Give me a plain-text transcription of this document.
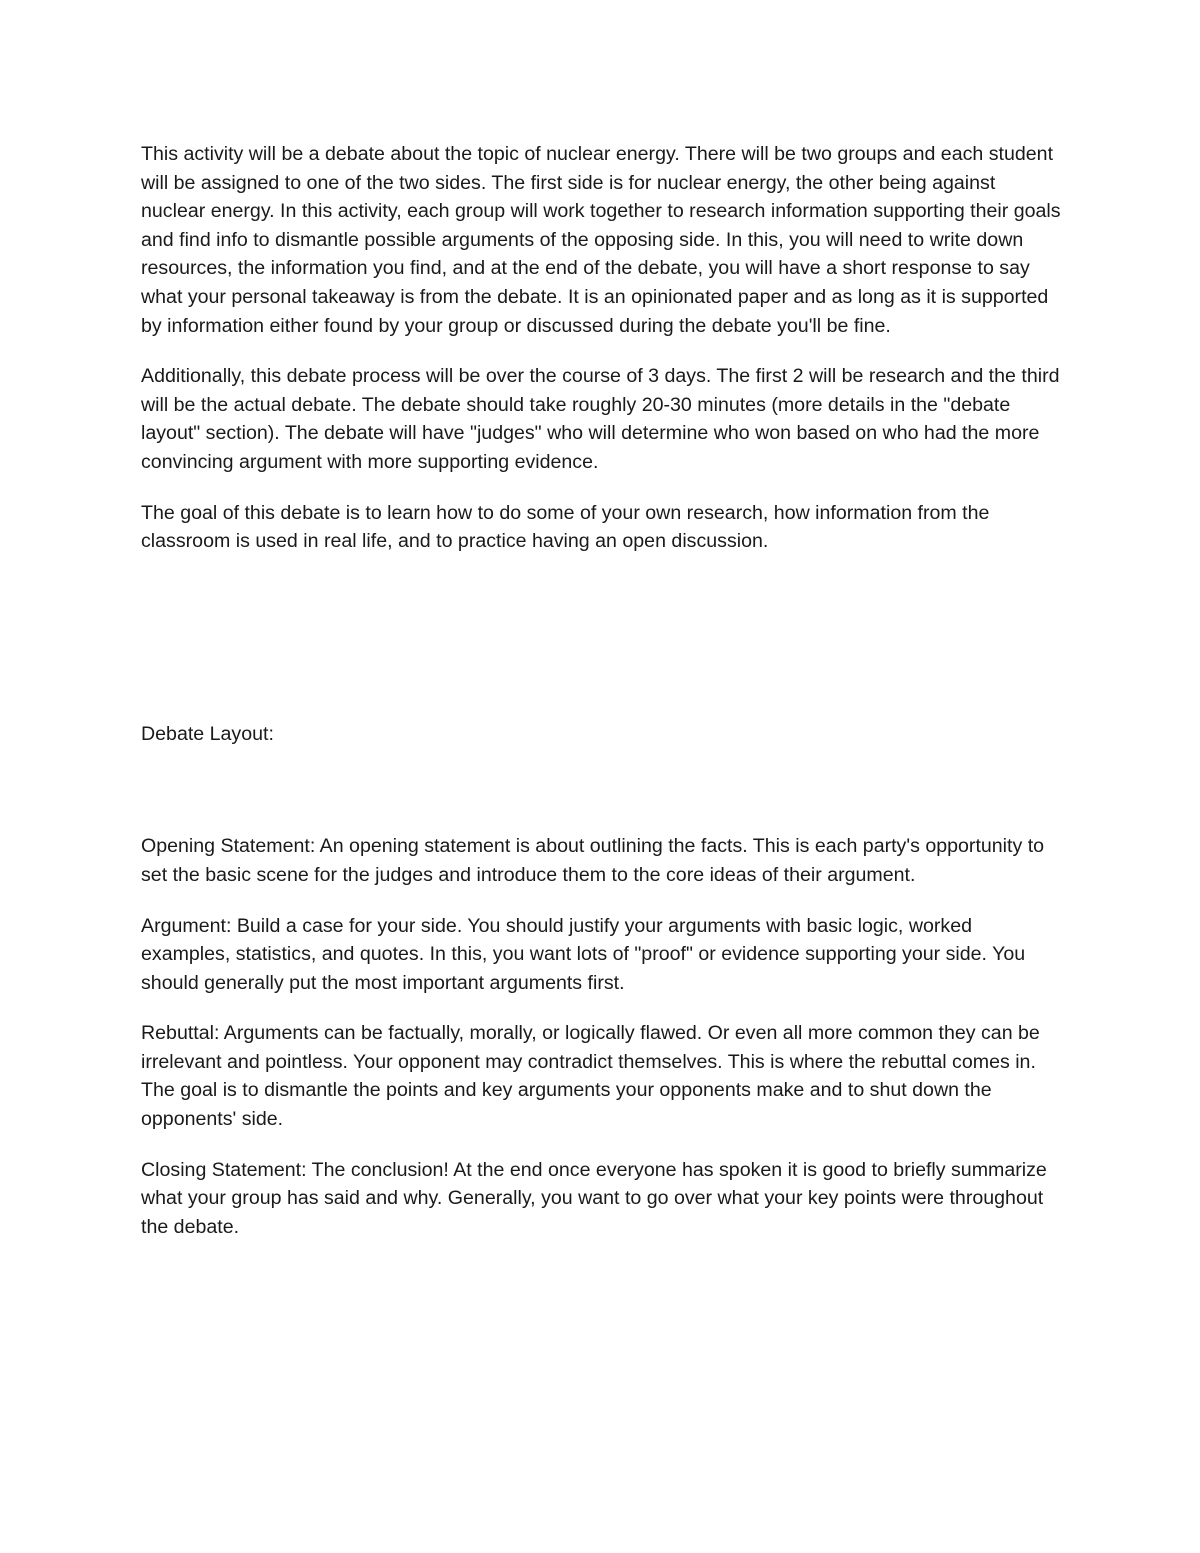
This activity will be a debate about the topic of nuclear energy. There will be two groups and each student will be assigned to one of the two sides. The first side is for nuclear energy, the other being against nuclear energy. In this activity, each group will work together to research information supporting their goals and find info to dismantle possible arguments of the opposing side. In this, you will need to write down resources, the information you find, and at the end of the debate, you will have a short response to say what your personal takeaway is from the debate. It is an opinionated paper and as long as it is supported by information either found by your group or discussed during the debate you'll be fine.

Additionally, this debate process will be over the course of 3 days. The first 2 will be research and the third will be the actual debate. The debate should take roughly 20-30 minutes (more details in the "debate layout" section). The debate will have "judges" who will determine who won based on who had the more convincing argument with more supporting evidence.

The goal of this debate is to learn how to do some of your own research, how information from the classroom is used in real life, and to practice having an open discussion.

Debate Layout:

Opening Statement: An opening statement is about outlining the facts. This is each party's opportunity to set the basic scene for the judges and introduce them to the core ideas of their argument.

Argument: Build a case for your side. You should justify your arguments with basic logic, worked examples, statistics, and quotes. In this, you want lots of "proof" or evidence supporting your side. You should generally put the most important arguments first.

Rebuttal: Arguments can be factually, morally, or logically flawed. Or even all more common they can be irrelevant and pointless. Your opponent may contradict themselves. This is where the rebuttal comes in. The goal is to dismantle the points and key arguments your opponents make and to shut down the opponents' side.

Closing Statement: The conclusion! At the end once everyone has spoken it is good to briefly summarize what your group has said and why. Generally, you want to go over what your key points were throughout the debate.
